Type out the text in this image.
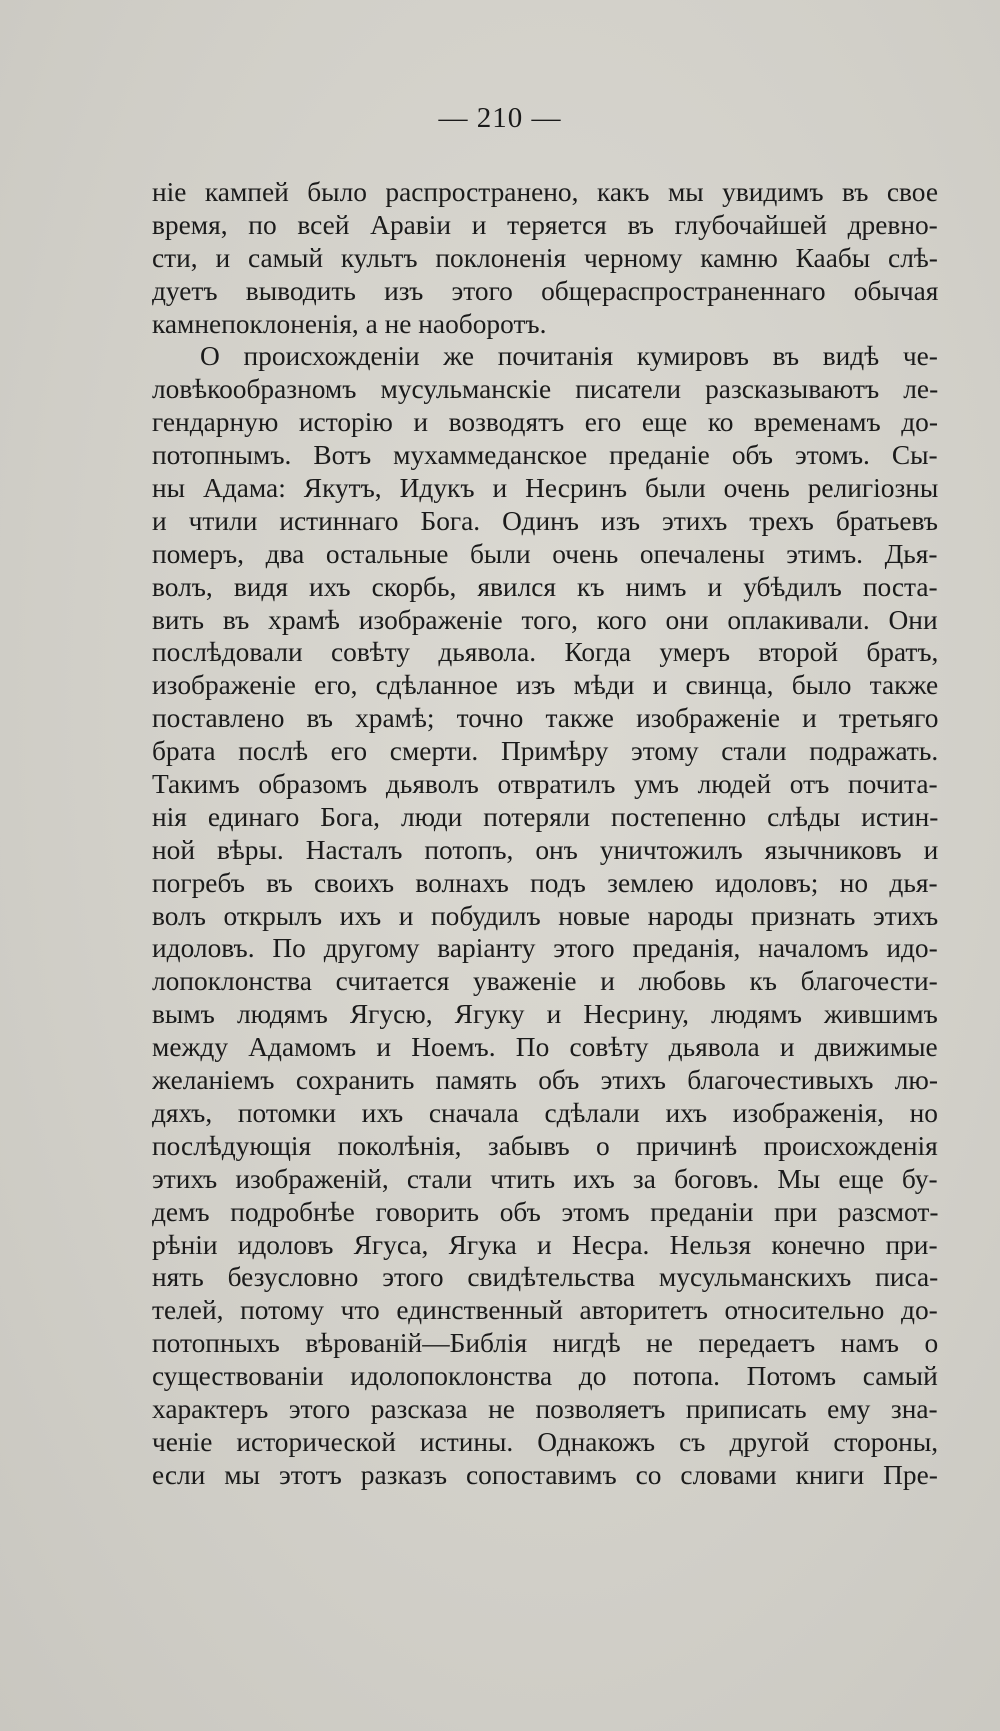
— 210 —
ніе кампей было распространено, какъ мы увидимъ въ свое
время, по всей Аравіи и теряется въ глубочайшей древно-
сти, и самый культъ поклоненія черному камню Каабы слѣ-
дуетъ выводить изъ этого общераспространеннаго обычая
камнепоклоненія, а не наоборотъ.
О происхожденіи же почитанія кумировъ въ видѣ че-
ловѣкообразномъ мусульманскіе писатели разсказываютъ ле-
гендарную исторію и возводятъ его еще ко временамъ до-
потопнымъ. Вотъ мухаммеданское преданіе объ этомъ. Сы-
ны Адама: Якутъ, Идукъ и Несринъ были очень религіозны
и чтили истиннаго Бога. Одинъ изъ этихъ трехъ братьевъ
померъ, два остальные были очень опечалены этимъ. Дья-
волъ, видя ихъ скорбь, явился къ нимъ и убѣдилъ поста-
вить въ храмѣ изображеніе того, кого они оплакивали. Они
послѣдовали совѣту дьявола. Когда умеръ второй братъ,
изображеніе его, сдѣланное изъ мѣди и свинца, было также
поставлено въ храмѣ; точно также изображеніе и третьяго
брата послѣ его смерти. Примѣру этому стали подражать.
Такимъ образомъ дьяволъ отвратилъ умъ людей отъ почита-
нія единаго Бога, люди потеряли постепенно слѣды истин-
ной вѣры. Насталъ потопъ, онъ уничтожилъ язычниковъ и
погребъ въ своихъ волнахъ подъ землею идоловъ; но дья-
волъ открылъ ихъ и побудилъ новые народы признать этихъ
идоловъ. По другому варіанту этого преданія, началомъ идо-
лопоклонства считается уваженіе и любовь къ благочести-
вымъ людямъ Ягусю, Ягуку и Несрину, людямъ жившимъ
между Адамомъ и Ноемъ. По совѣту дьявола и движимые
желаніемъ сохранить память объ этихъ благочестивыхъ лю-
дяхъ, потомки ихъ сначала сдѣлали ихъ изображенія, но
послѣдующія поколѣнія, забывъ о причинѣ происхожденія
этихъ изображеній, стали чтить ихъ за боговъ. Мы еще бу-
демъ подробнѣе говорить объ этомъ преданіи при разсмот-
рѣніи идоловъ Ягуса, Ягука и Несра. Нельзя конечно при-
нять безусловно этого свидѣтельства мусульманскихъ писа-
телей, потому что единственный авторитетъ относительно до-
потопныхъ вѣрованій—Библія нигдѣ не передаетъ намъ о
существованіи идолопоклонства до потопа. Потомъ самый
характеръ этого разсказа не позволяетъ приписать ему зна-
ченіе исторической истины. Однакожъ съ другой стороны,
если мы этотъ разказъ сопоставимъ со словами книги Пре-
